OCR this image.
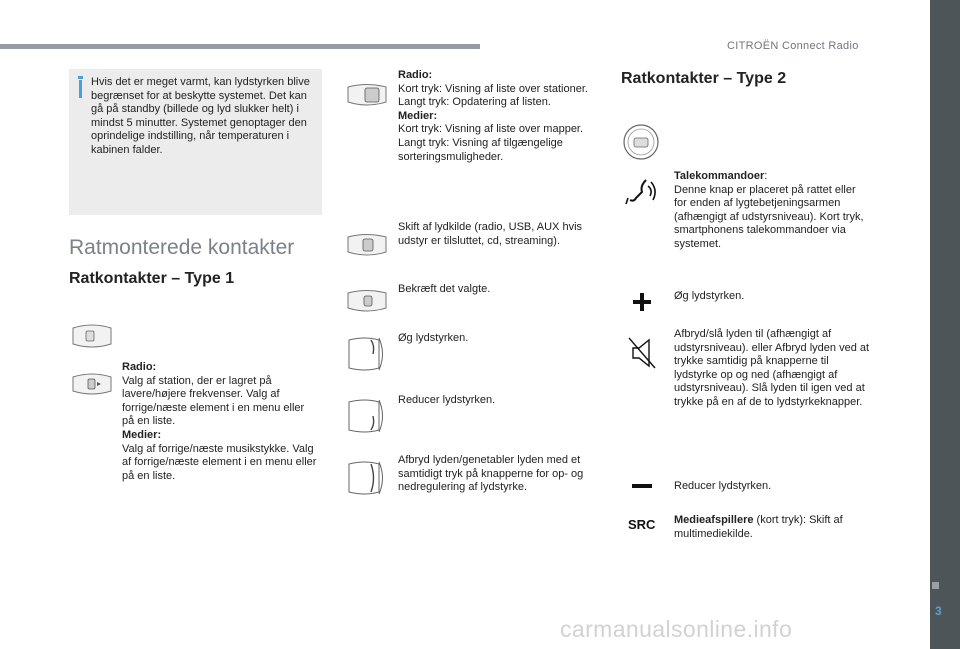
CITROËN Connect Radio
3
carmanualsonline.info
Hvis det er meget varmt, kan lydstyrken blive begrænset for at beskytte systemet. Det kan gå på standby (billede og lyd slukker helt) i mindst 5 minutter. Systemet genoptager den oprindelige indstilling, når temperaturen i kabinen falder.
Ratmonterede kontakter
Ratkontakter – Type 1
Radio:
Valg af station, der er lagret på lavere/højere frekvenser. Valg af forrige/næste element i en menu eller på en liste.
Medier:
Valg af forrige/næste musikstykke. Valg af forrige/næste element i en menu eller på en liste.
Radio:
Kort tryk: Visning af liste over stationer. Langt tryk: Opdatering af listen.
Medier:
Kort tryk: Visning af liste over mapper. Langt tryk: Visning af tilgængelige sorteringsmuligheder.
Skift af lydkilde (radio, USB, AUX hvis udstyr er tilsluttet, cd, streaming).
Bekræft det valgte.
Øg lydstyrken.
Reducer lydstyrken.
Afbryd lyden/genetabler lyden med et samtidigt tryk på knapperne for op- og nedregulering af lydstyrke.
Ratkontakter – Type 2
Talekommandoer:
Denne knap er placeret på rattet eller for enden af lygtebetjeningsarmen (afhængigt af udstyrsniveau). Kort tryk, smartphonens talekommandoer via systemet.
Øg lydstyrken.
Afbryd/slå lyden til (afhængigt af udstyrsniveau). eller Afbryd lyden ved at trykke samtidig på knapperne til lydstyrke op og ned (afhængigt af udstyrsniveau). Slå lyden til igen ved at trykke på en af de to lydstyrkeknapper.
Reducer lydstyrken.
SRC Medieafspillere (kort tryk): Skift af multimediekilde.
